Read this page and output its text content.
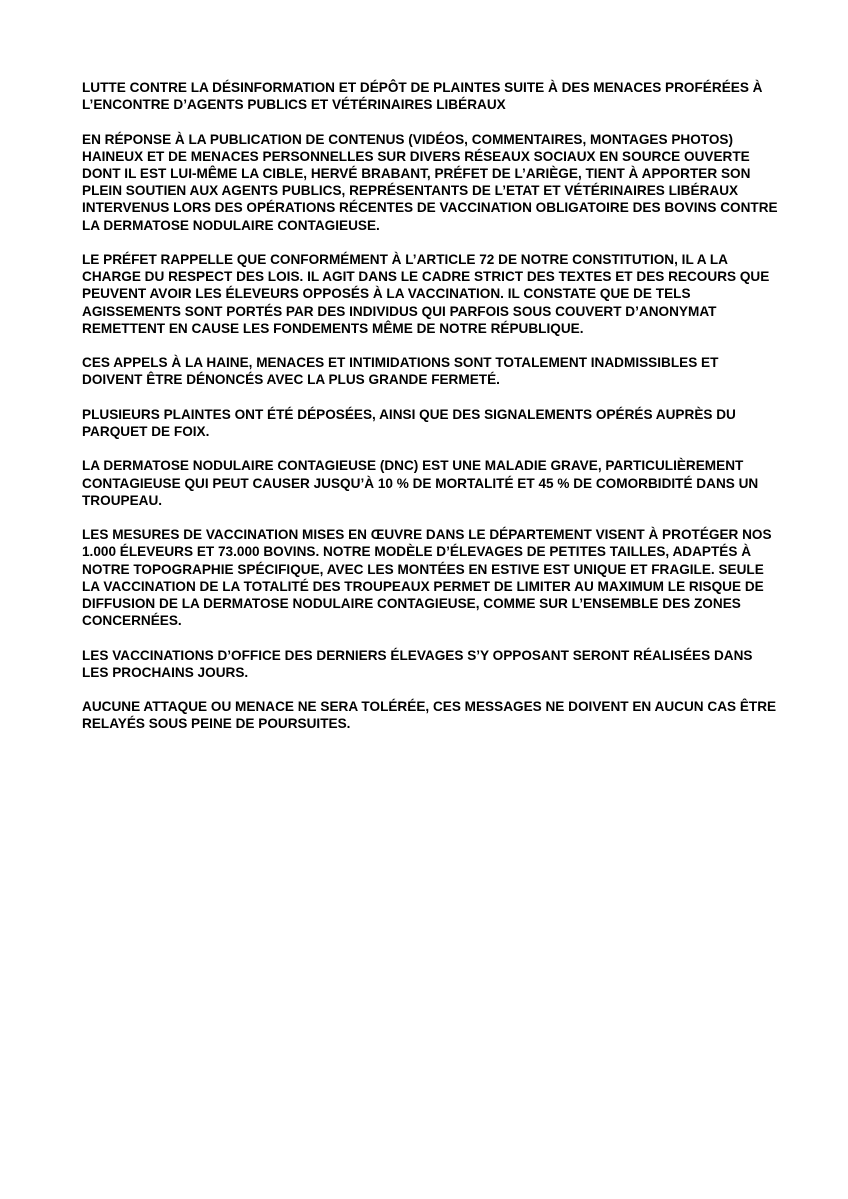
LUTTE CONTRE LA DÉSINFORMATION ET DÉPÔT DE PLAINTES SUITE À DES MENACES PROFÉRÉES À L’ENCONTRE D’AGENTS PUBLICS ET VÉTÉRINAIRES LIBÉRAUX

EN RÉPONSE À LA PUBLICATION DE CONTENUS (VIDÉOS, COMMENTAIRES, MONTAGES PHOTOS) HAINEUX ET DE MENACES PERSONNELLES SUR DIVERS RÉSEAUX SOCIAUX EN SOURCE OUVERTE DONT IL EST LUI-MÊME LA CIBLE, HERVÉ BRABANT, PRÉFET DE L’ARIÈGE, TIENT À APPORTER SON PLEIN SOUTIEN AUX AGENTS PUBLICS, REPRÉSENTANTS DE L’ETAT ET VÉTÉRINAIRES LIBÉRAUX INTERVENUS LORS DES OPÉRATIONS RÉCENTES DE VACCINATION OBLIGATOIRE DES BOVINS CONTRE LA DERMATOSE NODULAIRE CONTAGIEUSE.

LE PRÉFET RAPPELLE QUE CONFORMÉMENT À L’ARTICLE 72 DE NOTRE CONSTITUTION, IL A LA CHARGE DU RESPECT DES LOIS. IL AGIT DANS LE CADRE STRICT DES TEXTES ET DES RECOURS QUE PEUVENT AVOIR LES ÉLEVEURS OPPOSÉS À LA VACCINATION. IL CONSTATE QUE DE TELS AGISSEMENTS SONT PORTÉS PAR DES INDIVIDUS QUI PARFOIS SOUS COUVERT D’ANONYMAT REMETTENT EN CAUSE LES FONDEMENTS MÊME DE NOTRE RÉPUBLIQUE.

CES APPELS À LA HAINE, MENACES ET INTIMIDATIONS SONT TOTALEMENT INADMISSIBLES ET DOIVENT ÊTRE DÉNONCÉS AVEC LA PLUS GRANDE FERMETÉ.

PLUSIEURS PLAINTES ONT ÉTÉ DÉPOSÉES, AINSI QUE DES SIGNALEMENTS OPÉRÉS AUPRÈS DU PARQUET DE FOIX.

LA DERMATOSE NODULAIRE CONTAGIEUSE (DNC) EST UNE MALADIE GRAVE, PARTICULIÈREMENT CONTAGIEUSE QUI PEUT CAUSER JUSQU’À 10 % DE MORTALITÉ ET 45 % DE COMORBIDITÉ DANS UN TROUPEAU.

LES MESURES DE VACCINATION MISES EN ŒUVRE DANS LE DÉPARTEMENT VISENT À PROTÉGER NOS 1.000 ÉLEVEURS ET 73.000 BOVINS. NOTRE MODÈLE D’ÉLEVAGES DE PETITES TAILLES, ADAPTÉS À NOTRE TOPOGRAPHIE SPÉCIFIQUE, AVEC LES MONTÉES EN ESTIVE EST UNIQUE ET FRAGILE. SEULE LA VACCINATION DE LA TOTALITÉ DES TROUPEAUX PERMET DE LIMITER AU MAXIMUM LE RISQUE DE DIFFUSION DE LA DERMATOSE NODULAIRE CONTAGIEUSE, COMME SUR L’ENSEMBLE DES ZONES CONCERNÉES.

LES VACCINATIONS D’OFFICE DES DERNIERS ÉLEVAGES S’Y OPPOSANT SERONT RÉALISÉES DANS LES PROCHAINS JOURS.

AUCUNE ATTAQUE OU MENACE NE SERA TOLÉRÉE, CES MESSAGES NE DOIVENT EN AUCUN CAS ÊTRE RELAYÉS SOUS PEINE DE POURSUITES.
